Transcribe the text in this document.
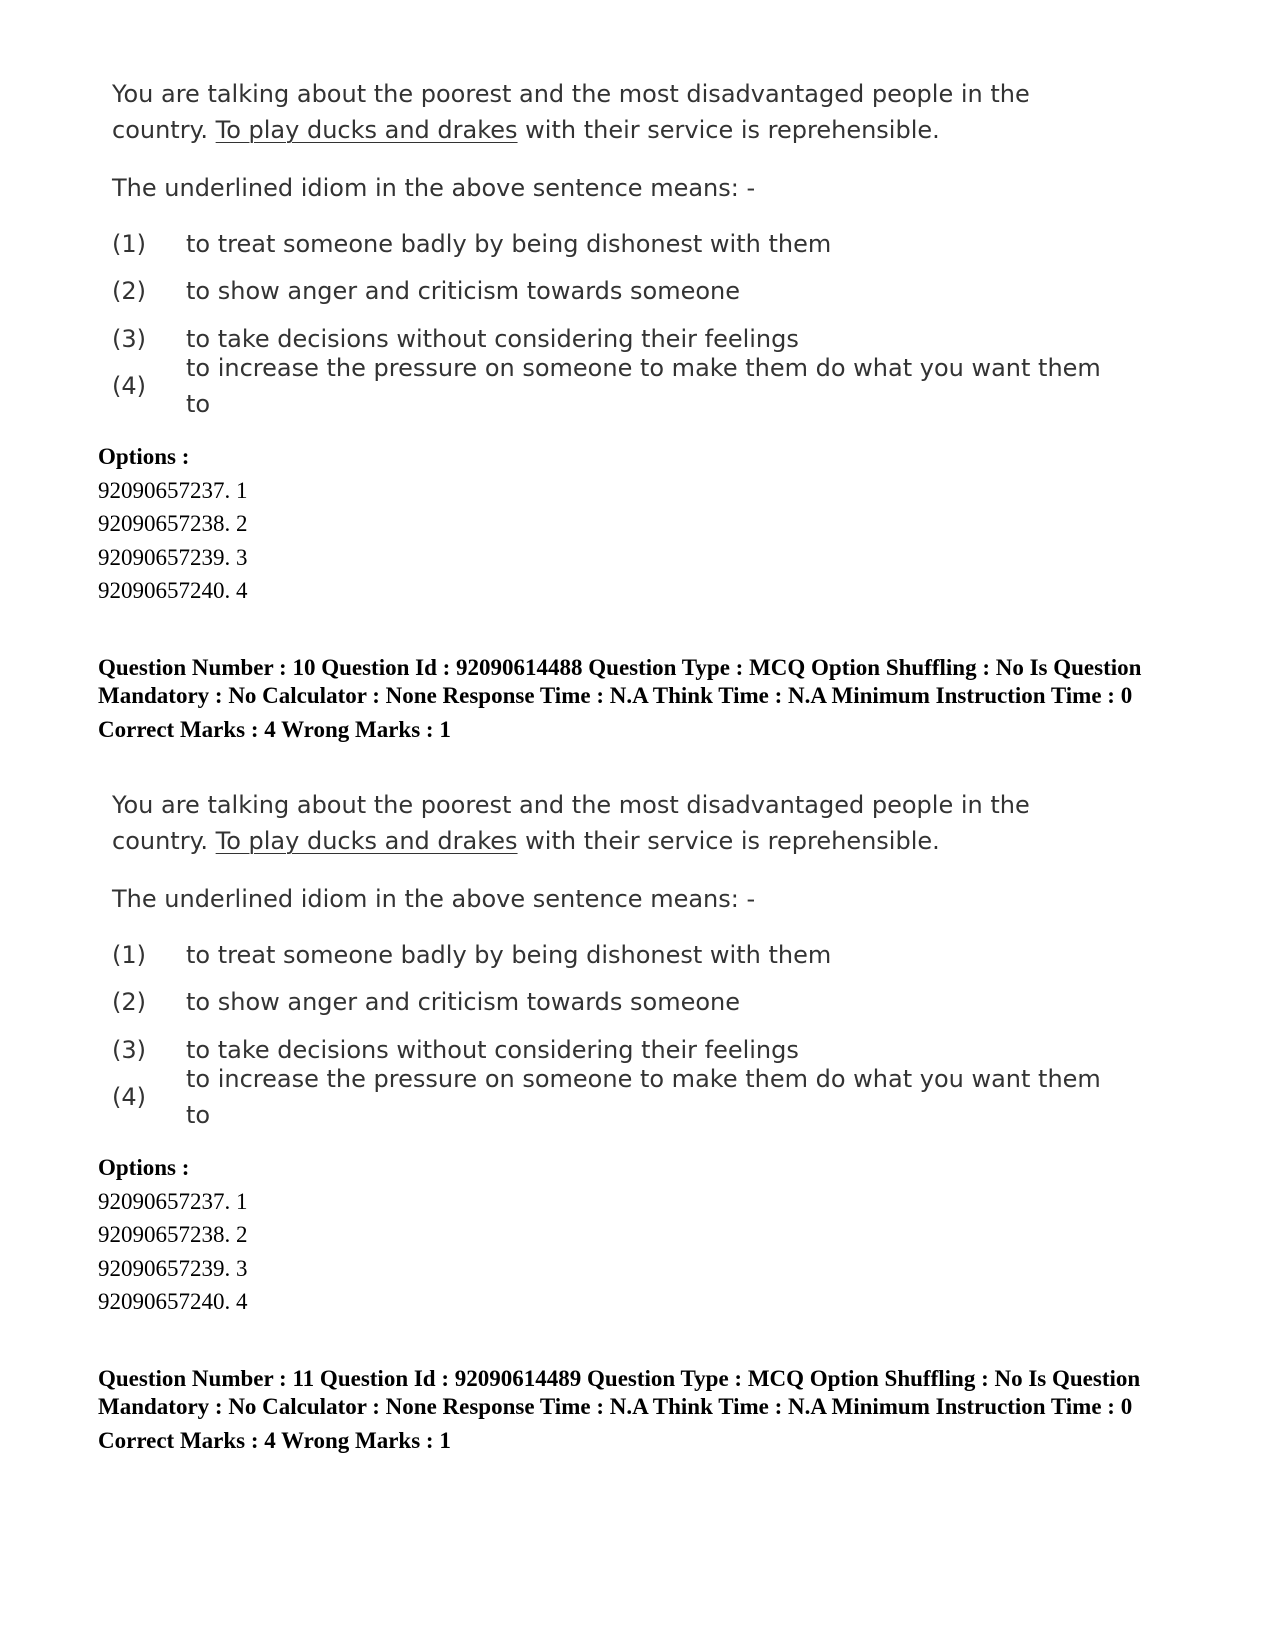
You are talking about the poorest and the most disadvantaged people in the country. To play ducks and drakes with their service is reprehensible.

The underlined idiom in the above sentence means: -

(1)	to treat someone badly by being dishonest with them
(2)	to show anger and criticism towards someone
(3)	to take decisions without considering their feelings
(4)
to increase the pressure on someone to make them do what you want them to
Options :
92090657237. 1
92090657238. 2
92090657239. 3
92090657240. 4
Question Number : 10 Question Id : 92090614488 Question Type : MCQ Option Shuffling : No Is Question Mandatory : No Calculator : None Response Time : N.A Think Time : N.A Minimum Instruction Time : 0
Correct Marks : 4 Wrong Marks : 1

You are talking about the poorest and the most disadvantaged people in the country. To play ducks and drakes with their service is reprehensible.

The underlined idiom in the above sentence means: -

(1)	to treat someone badly by being dishonest with them
(2)	to show anger and criticism towards someone
(3)	to take decisions without considering their feelings
(4)
to increase the pressure on someone to make them do what you want them to
Options :
92090657237. 1
92090657238. 2
92090657239. 3
92090657240. 4
Question Number : 11 Question Id : 92090614489 Question Type : MCQ Option Shuffling : No Is Question Mandatory : No Calculator : None Response Time : N.A Think Time : N.A Minimum Instruction Time : 0
Correct Marks : 4 Wrong Marks : 1
